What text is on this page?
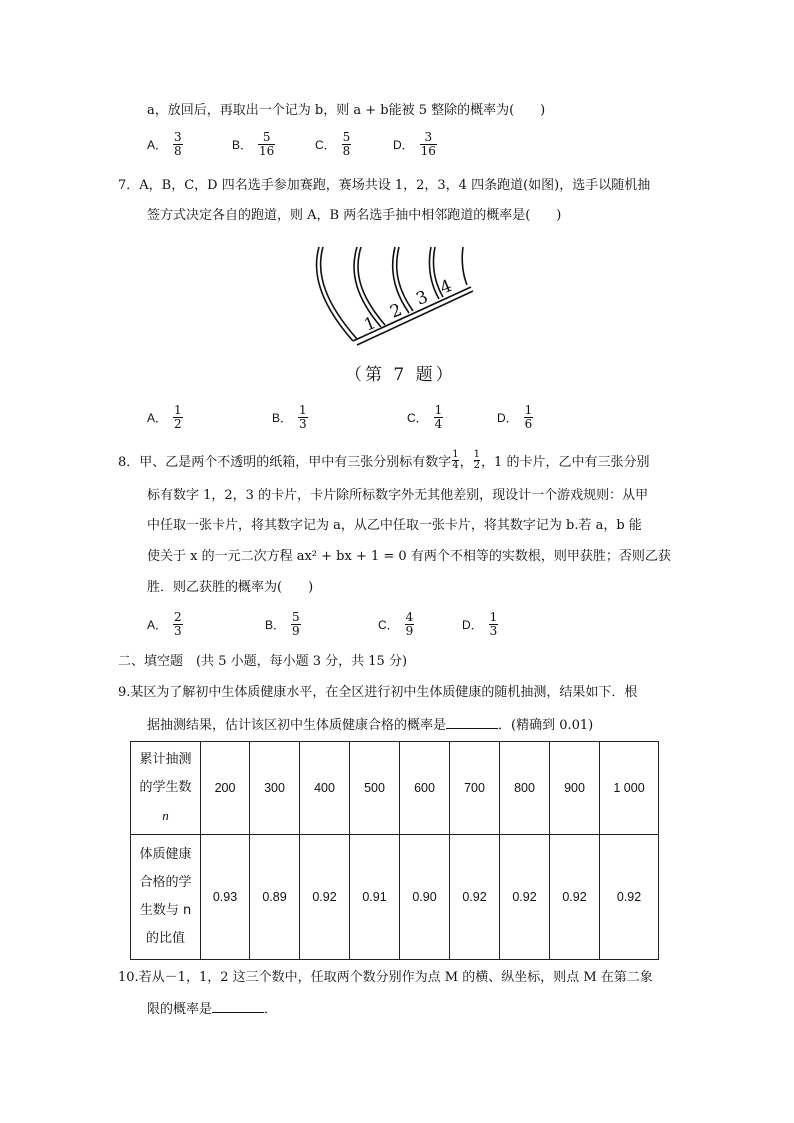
a，放回后，再取出一个记为 b，则 a + b能被 5 整除的概率为(　　)
A． $\frac{3}{8}$	B． $\frac{5}{16}$	C． $\frac{5}{8}$	D． $\frac{3}{16}$
7．A，B，C，D 四名选手参加赛跑，赛场共设 1，2，3，4 四条跑道(如图)，选手以随机抽
签方式决定各自的跑道，则 A，B 两名选手抽中相邻跑道的概率是(　　)
1
2
3 4
（第 7 题）
A． $\frac{1}{2}$	B． $\frac{1}{3}$	C． $\frac{1}{4}$	D． $\frac{1}{6}$
8．甲、乙是两个不透明的纸箱，甲中有三张分别标有数字 $\frac{1}{4}$ ， $\frac{1}{2}$ ，1 的卡片，乙中有三张分别
标有数字 1，2，3 的卡片，卡片除所标数字外无其他差别，现设计一个游戏规则：从甲
中任取一张卡片，将其数字记为 a，从乙中任取一张卡片，将其数字记为 b.若 a，b 能
使关于 x 的一元二次方程 ax² + bx + 1 = 0 有两个不相等的实数根，则甲获胜；否则乙获
胜．则乙获胜的概率为(　　)
A． $\frac{2}{3}$	B． $\frac{5}{9}$	C． $\frac{4}{9}$	D． $\frac{1}{3}$
二、填空题　(共 5 小题，每小题 3 分，共 15 分)
9.某区为了解初中生体质健康水平，在全区进行初中生体质健康的随机抽测，结果如下．根
据抽测结果，估计该区初中生体质健康合格的概率是	．(精确到 0.01)
累计抽测
的学生数
n	200	300	400	500	600	700	800	900	1 000

体质健康
合格的学
生数与 n
的比值	0.93	0.89	0.92	0.91	0.90	0.92	0.92	0.92	0.92
10.若从－1，1，2 这三个数中，任取两个数分别作为点 M 的横、纵坐标，则点 M 在第二象
限的概率是	．
